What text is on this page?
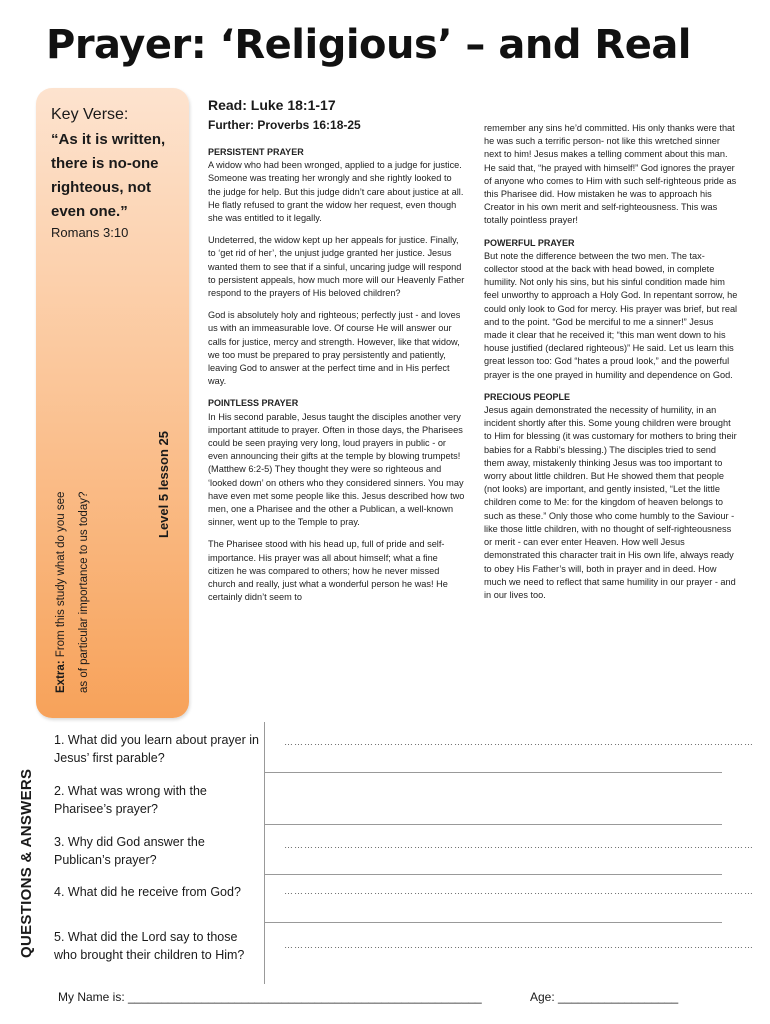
Prayer: ‘Religious’ – and Real
Key Verse:
“As it is written, there is no-one righteous, not even one.”
Romans 3:10
Extra: From this study what do you see as of particular importance to us today?
Level 5 lesson 25
Read: Luke 18:1-17
Further: Proverbs 16:18-25
PERSISTENT PRAYER

A widow who had been wronged, applied to a judge for justice. Someone was treating her wrongly and she rightly looked to the judge for help. But this judge didn’t care about justice at all. He flatly refused to grant the widow her request, even though she was entitled to it legally.

Undeterred, the widow kept up her appeals for justice. Finally, to ‘get rid of her’, the unjust judge granted her justice. Jesus wanted them to see that if a sinful, uncaring judge will respond to persistent appeals, how much more will our Heavenly Father respond to the prayers of His beloved children?

God is absolutely holy and righteous; perfectly just - and loves us with an immeasurable love. Of course He will answer our calls for justice, mercy and strength. However, like that widow, we too must be prepared to pray persistently and patiently, leaving God to answer at the perfect time and in His perfect way.

POINTLESS PRAYER

In His second parable, Jesus taught the disciples another very important attitude to prayer. Often in those days, the Pharisees could be seen praying very long, loud prayers in public - or even announcing their gifts at the temple by blowing trumpets!(Matthew 6:2-5) They thought they were so righteous and ‘looked down’ on others who they considered sinners. You may have even met some people like this. Jesus described how two men, one a Pharisee and the other a Publican, a well-known sinner, went up to the Temple to pray.

The Pharisee stood with his head up, full of pride and self-importance. His prayer was all about himself; what a fine citizen he was compared to others; how he never missed church and really, just what a wonderful person he was! He certainly didn’t seem to

remember any sins he’d committed. His only thanks were that he was such a terrific person- not like this wretched sinner next to him! Jesus makes a telling comment about this man. He said that, “he prayed with himself!” God ignores the prayer of anyone who comes to Him with such self-righteous pride as this Pharisee did. How mistaken he was to approach his Creator in his own merit and self-righteousness. This was totally pointless prayer!

POWERFUL PRAYER

But note the difference between the two men. The tax-collector stood at the back with head bowed, in complete humility. Not only his sins, but his sinful condition made him feel unworthy to approach a Holy God. In repentant sorrow, he could only look to God for mercy. His prayer was brief, but real and to the point. “God be merciful to me a sinner!” Jesus made it clear that he received it; “this man went down to his house justified (declared righteous)” He said. Let us learn this great lesson too: God “hates a proud look,” and the powerful prayer is the one prayed in humility and dependence on God.

PRECIOUS PEOPLE

Jesus again demonstrated the necessity of humility, in an incident shortly after this. Some young children were brought to Him for blessing (it was customary for mothers to bring their babies for a Rabbi’s blessing.) The disciples tried to send them away, mistakenly thinking Jesus was too important to worry about little children. But He showed them that people (not looks) are important, and gently insisted, “Let the little children come to Me: for the kingdom of heaven belongs to such as these.” Only those who come humbly to the Saviour - like those little children, with no thought of self-righteousness or merit - can ever enter Heaven. How well Jesus demonstrated this character trait in His own life, always ready to obey His Father’s will, both in prayer and in deed. How much we need to reflect that same humility in our prayer - and in our lives too.

QUESTIONS & ANSWERS
1. What did you learn about prayer in Jesus’ first parable?
2. What was wrong with the Pharisee’s prayer?
3. Why did God answer the Publican’s prayer?
4. What did he receive from God?
5. What did the Lord say to those who brought their children to Him?
……………………………………………………………………………………………………………………………
……………………………………………………………………………………………………………………………
……………………………………………………………………………………………………………………………
……………………………………………………………………………………………………………………………
My Name is: _____________________________________________________	Age: __________________
